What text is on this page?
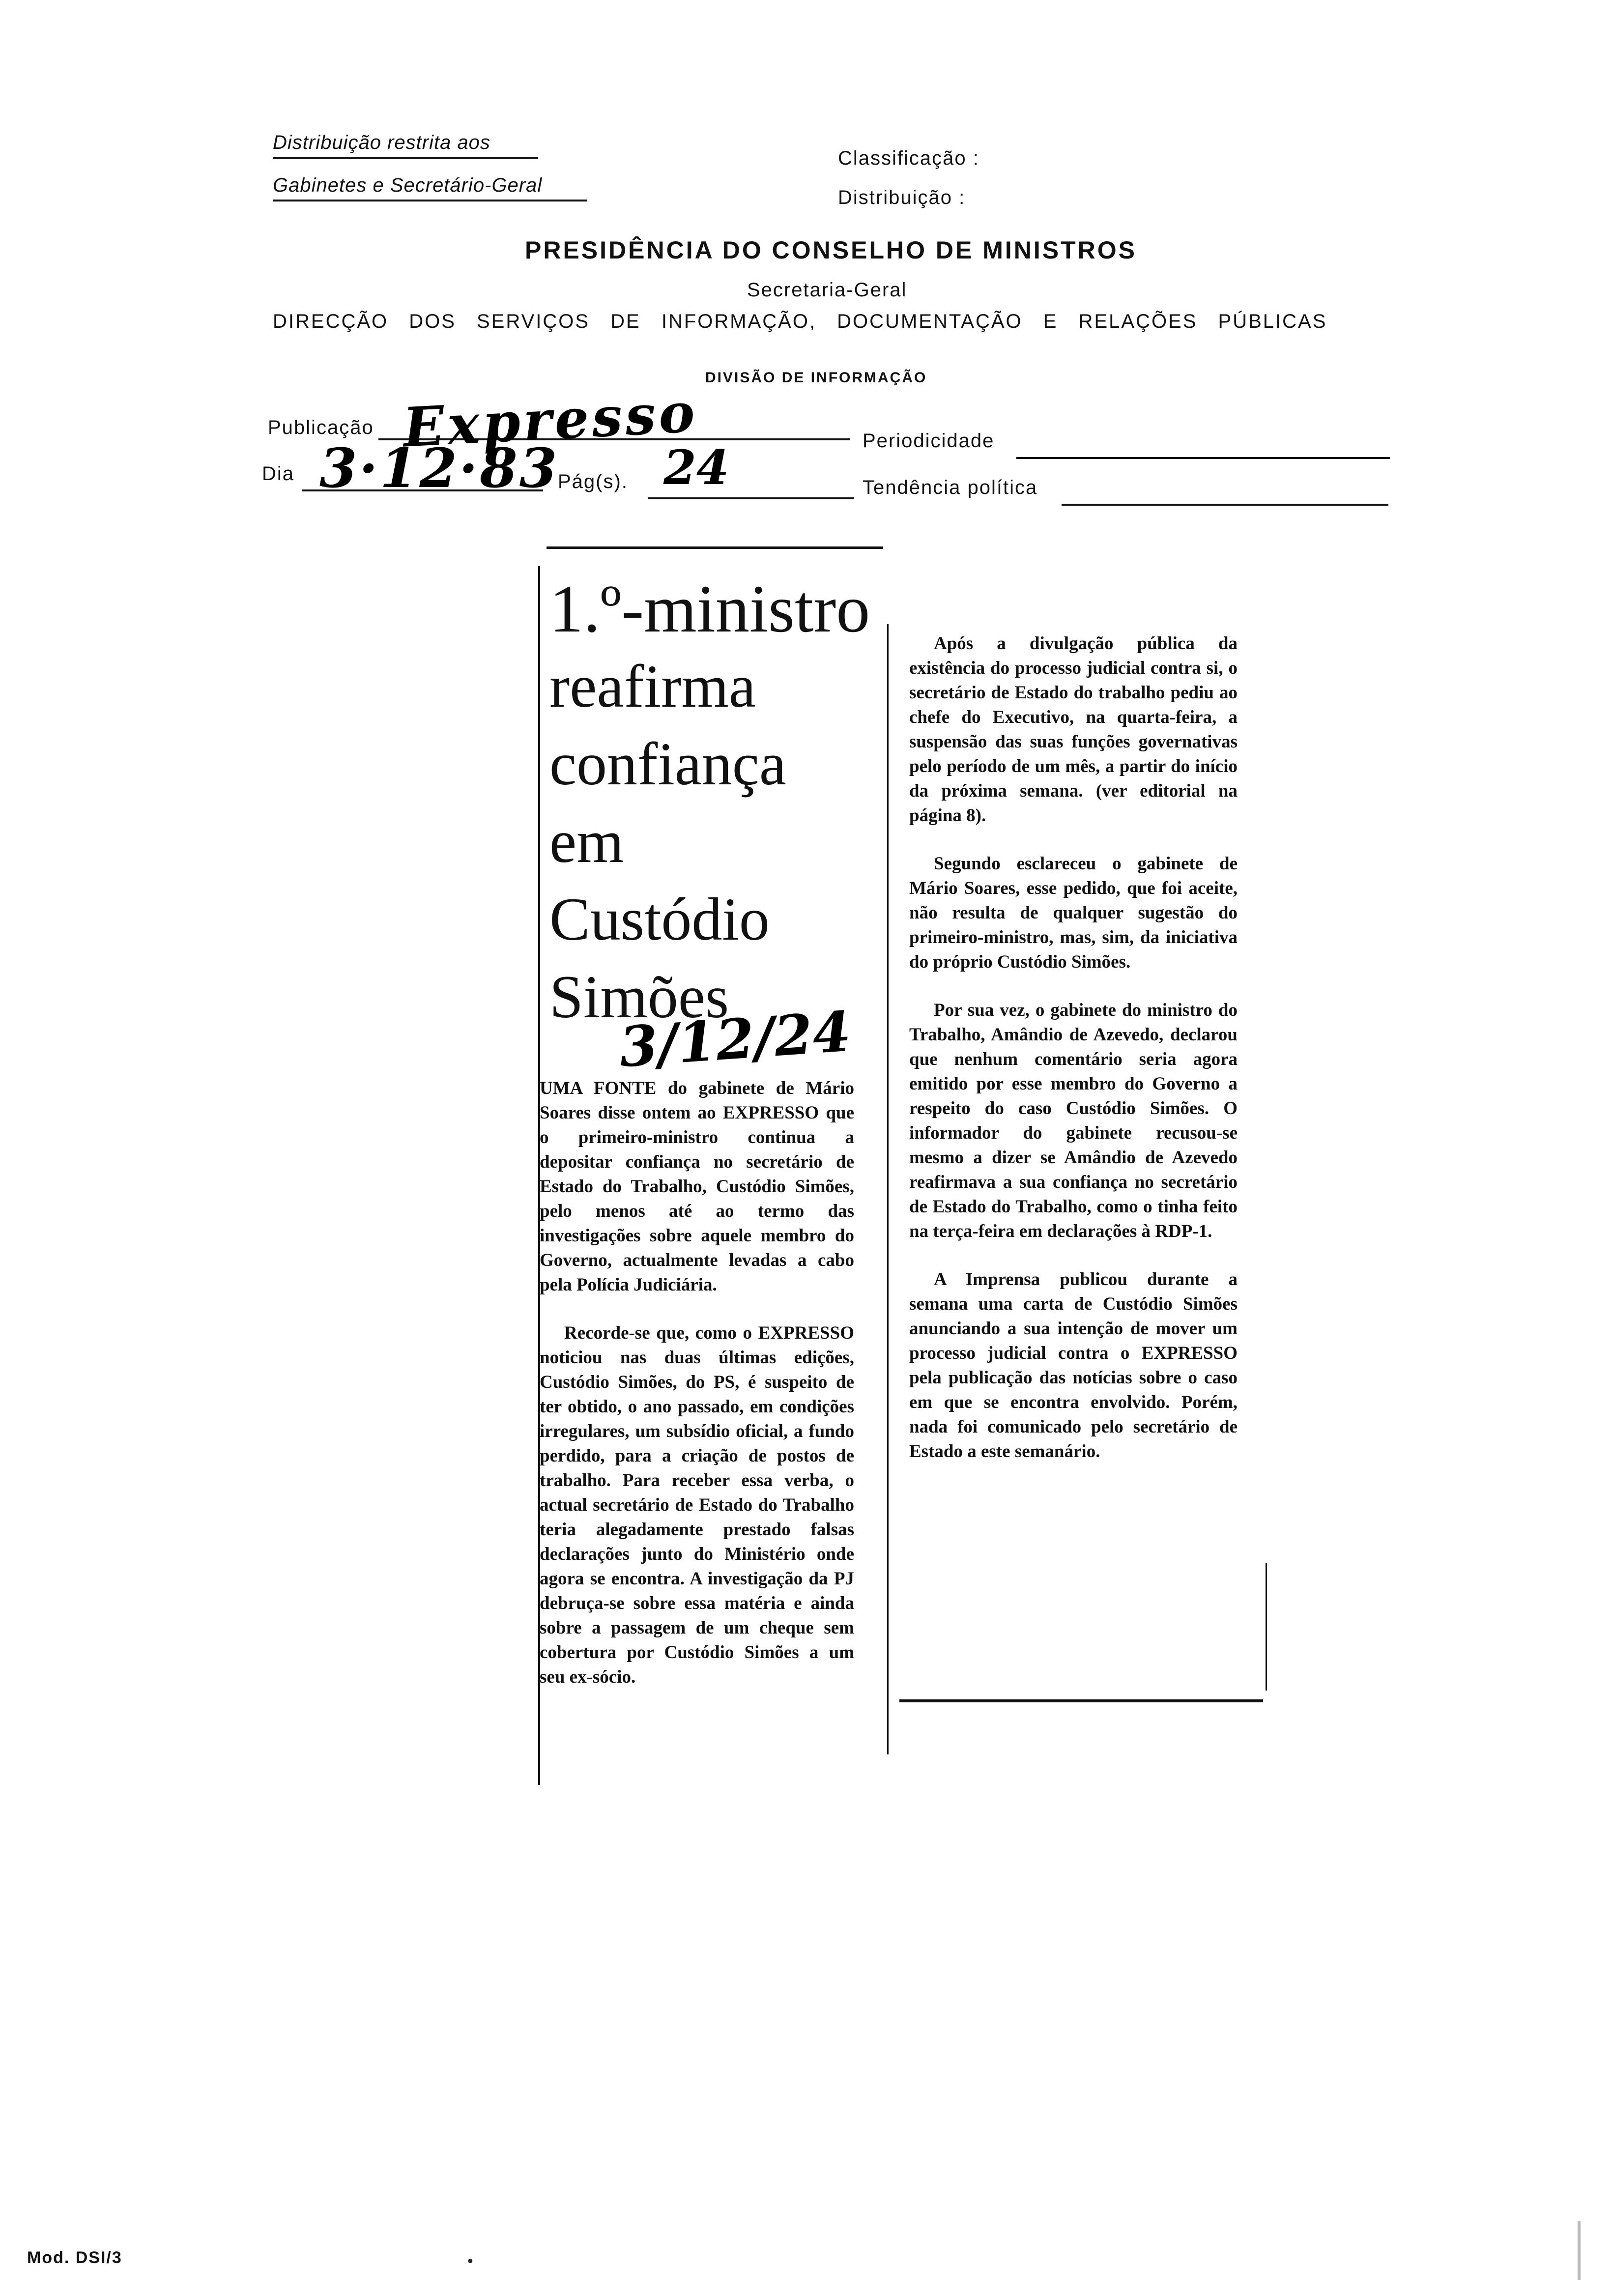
Distribuição restrita aos
Gabinetes e Secretário-Geral
Classificação :
Distribuição :
PRESIDÊNCIA DO CONSELHO DE MINISTROS
Secretaria-Geral
DIRECÇÃO DOS SERVIÇOS DE INFORMAÇÃO, DOCUMENTAÇÃO E RELAÇÕES PÚBLICAS
DIVISÃO DE INFORMAÇÃO
Publicação Expresso	Periodicidade
Dia 3·12·83
Pág(s). 24	Tendência política
1.º-ministro
reafirma
confiança
em
Custódio
Simões
3/12/24

UMA FONTE do gabinete de Mário Soares disse ontem ao EXPRESSO que o primeiro-ministro continua a depositar confiança no secretário de Estado do Trabalho, Custódio Simões, pelo menos até ao termo das investigações sobre aquele membro do Governo, actualmente levadas a cabo pela Polícia Judiciária.

Recorde-se que, como o EXPRESSO noticiou nas duas últimas edições, Custódio Simões, do PS, é suspeito de ter obtido, o ano passado, em condições irregulares, um subsídio oficial, a fundo perdido, para a criação de postos de trabalho. Para receber essa verba, o actual secretário de Estado do Trabalho teria alegadamente prestado falsas declarações junto do Ministério onde agora se encontra. A investigação da PJ debruça-se sobre essa matéria e ainda sobre a passagem de um cheque sem cobertura por Custódio Simões a um seu ex-sócio.

Após a divulgação pública da existência do processo judicial contra si, o secretário de Estado do trabalho pediu ao chefe do Executivo, na quarta-feira, a suspensão das suas funções governativas pelo período de um mês, a partir do início da próxima semana. (ver editorial na página 8).

Segundo esclareceu o gabinete de Mário Soares, esse pedido, que foi aceite, não resulta de qualquer sugestão do primeiro-ministro, mas, sim, da iniciativa do próprio Custódio Simões.

Por sua vez, o gabinete do ministro do Trabalho, Amândio de Azevedo, declarou que nenhum comentário seria agora emitido por esse membro do Governo a respeito do caso Custódio Simões. O informador do gabinete recusou-se mesmo a dizer se Amândio de Azevedo reafirmava a sua confiança no secretário de Estado do Trabalho, como o tinha feito na terça-feira em declarações à RDP-1.

A Imprensa publicou durante a semana uma carta de Custódio Simões anunciando a sua intenção de mover um processo judicial contra o EXPRESSO pela publicação das notícias sobre o caso em que se encontra envolvido. Porém, nada foi comunicado pelo secretário de Estado a este semanário.

•
Mod. DSI/3
